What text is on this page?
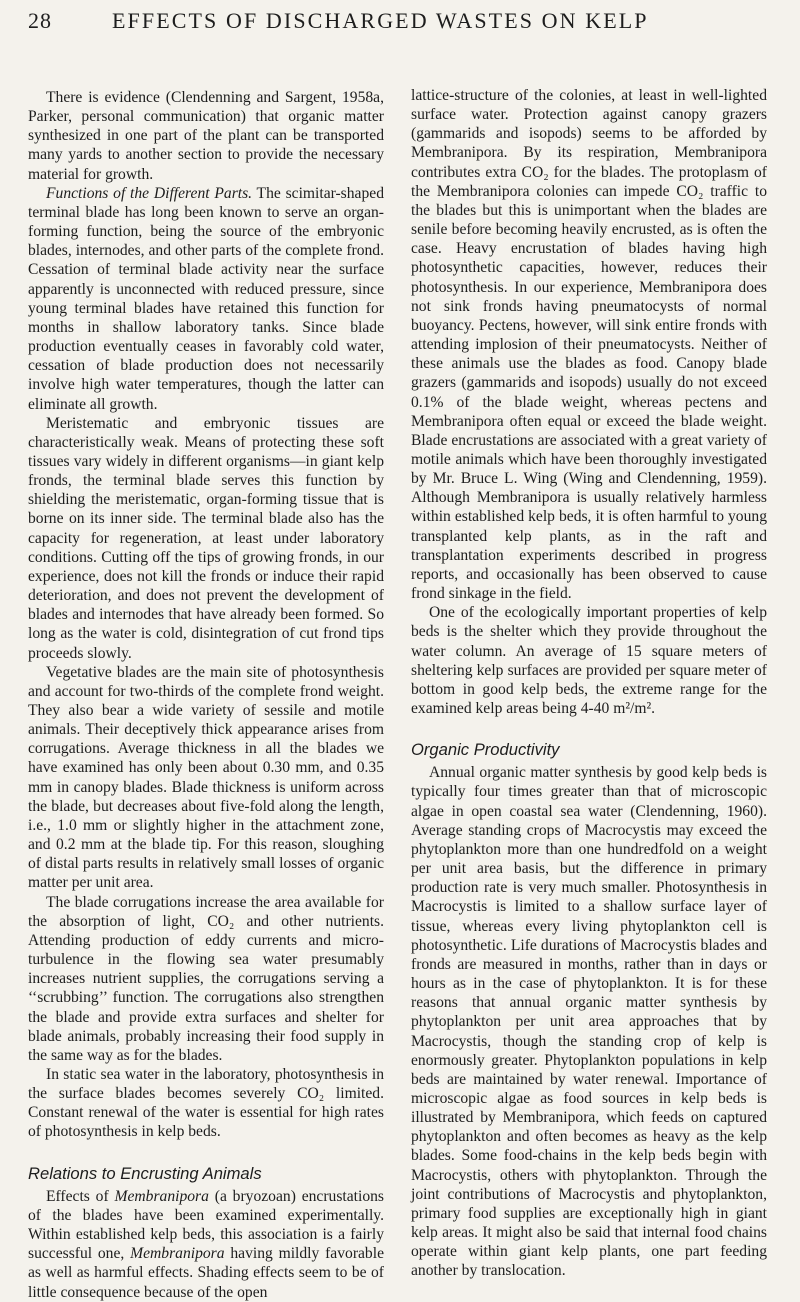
28	EFFECTS OF DISCHARGED WASTES ON KELP

There is evidence (Clendenning and Sargent, 1958a, Parker, personal communication) that organic matter synthesized in one part of the plant can be transported many yards to another section to provide the necessary material for growth.

Functions of the Different Parts. The scimitar-shaped terminal blade has long been known to serve an organ-forming function, being the source of the embryonic blades, internodes, and other parts of the complete frond. Cessation of terminal blade activity near the surface apparently is unconnected with reduced pressure, since young terminal blades have retained this function for months in shallow laboratory tanks. Since blade production eventually ceases in favorably cold water, cessation of blade production does not necessarily involve high water temperatures, though the latter can eliminate all growth.

Meristematic and embryonic tissues are characteristically weak. Means of protecting these soft tissues vary widely in different organisms—in giant kelp fronds, the terminal blade serves this function by shielding the meristematic, organ-forming tissue that is borne on its inner side. The terminal blade also has the capacity for regeneration, at least under laboratory conditions. Cutting off the tips of growing fronds, in our experience, does not kill the fronds or induce their rapid deterioration, and does not prevent the development of blades and internodes that have already been formed. So long as the water is cold, disintegration of cut frond tips proceeds slowly.

Vegetative blades are the main site of photosynthesis and account for two-thirds of the complete frond weight. They also bear a wide variety of sessile and motile animals. Their deceptively thick appearance arises from corrugations. Average thickness in all the blades we have examined has only been about 0.30 mm, and 0.35 mm in canopy blades. Blade thickness is uniform across the blade, but decreases about five-fold along the length, i.e., 1.0 mm or slightly higher in the attachment zone, and 0.2 mm at the blade tip. For this reason, sloughing of distal parts results in relatively small losses of organic matter per unit area.

The blade corrugations increase the area available for the absorption of light, CO₂ and other nutrients. Attending production of eddy currents and micro-turbulence in the flowing sea water presumably increases nutrient supplies, the corrugations serving a ‘‘scrubbing’’ function. The corrugations also strengthen the blade and provide extra surfaces and shelter for blade animals, probably increasing their food supply in the same way as for the blades.

In static sea water in the laboratory, photosynthesis in the surface blades becomes severely CO₂ limited. Constant renewal of the water is essential for high rates of photosynthesis in kelp beds.

Relations to Encrusting Animals

Effects of Membranipora (a bryozoan) encrustations of the blades have been examined experimentally. Within established kelp beds, this association is a fairly successful one, Membranipora having mildly favorable as well as harmful effects. Shading effects seem to be of little consequence because of the open

lattice-structure of the colonies, at least in well-lighted surface water. Protection against canopy grazers (gammarids and isopods) seems to be afforded by Membranipora. By its respiration, Membranipora contributes extra CO₂ for the blades. The protoplasm of the Membranipora colonies can impede CO₂ traffic to the blades but this is unimportant when the blades are senile before becoming heavily encrusted, as is often the case. Heavy encrustation of blades having high photosynthetic capacities, however, reduces their photosynthesis. In our experience, Membranipora does not sink fronds having pneumatocysts of normal buoyancy. Pectens, however, will sink entire fronds with attending implosion of their pneumatocysts. Neither of these animals use the blades as food. Canopy blade grazers (gammarids and isopods) usually do not exceed 0.1% of the blade weight, whereas pectens and Membranipora often equal or exceed the blade weight. Blade encrustations are associated with a great variety of motile animals which have been thoroughly investigated by Mr. Bruce L. Wing (Wing and Clendenning, 1959). Although Membranipora is usually relatively harmless within established kelp beds, it is often harmful to young transplanted kelp plants, as in the raft and transplantation experiments described in progress reports, and occasionally has been observed to cause frond sinkage in the field.

One of the ecologically important properties of kelp beds is the shelter which they provide throughout the water column. An average of 15 square meters of sheltering kelp surfaces are provided per square meter of bottom in good kelp beds, the extreme range for the examined kelp areas being 4-40 m²/m².

Organic Productivity

Annual organic matter synthesis by good kelp beds is typically four times greater than that of microscopic algae in open coastal sea water (Clendenning, 1960). Average standing crops of Macrocystis may exceed the phytoplankton more than one hundredfold on a weight per unit area basis, but the difference in primary production rate is very much smaller. Photosynthesis in Macrocystis is limited to a shallow surface layer of tissue, whereas every living phytoplankton cell is photosynthetic. Life durations of Macrocystis blades and fronds are measured in months, rather than in days or hours as in the case of phytoplankton. It is for these reasons that annual organic matter synthesis by phytoplankton per unit area approaches that by Macrocystis, though the standing crop of kelp is enormously greater. Phytoplankton populations in kelp beds are maintained by water renewal. Importance of microscopic algae as food sources in kelp beds is illustrated by Membranipora, which feeds on captured phytoplankton and often becomes as heavy as the kelp blades. Some food-chains in the kelp beds begin with Macrocystis, others with phytoplankton. Through the joint contributions of Macrocystis and phytoplankton, primary food supplies are exceptionally high in giant kelp areas. It might also be said that internal food chains operate within giant kelp plants, one part feeding another by translocation.
